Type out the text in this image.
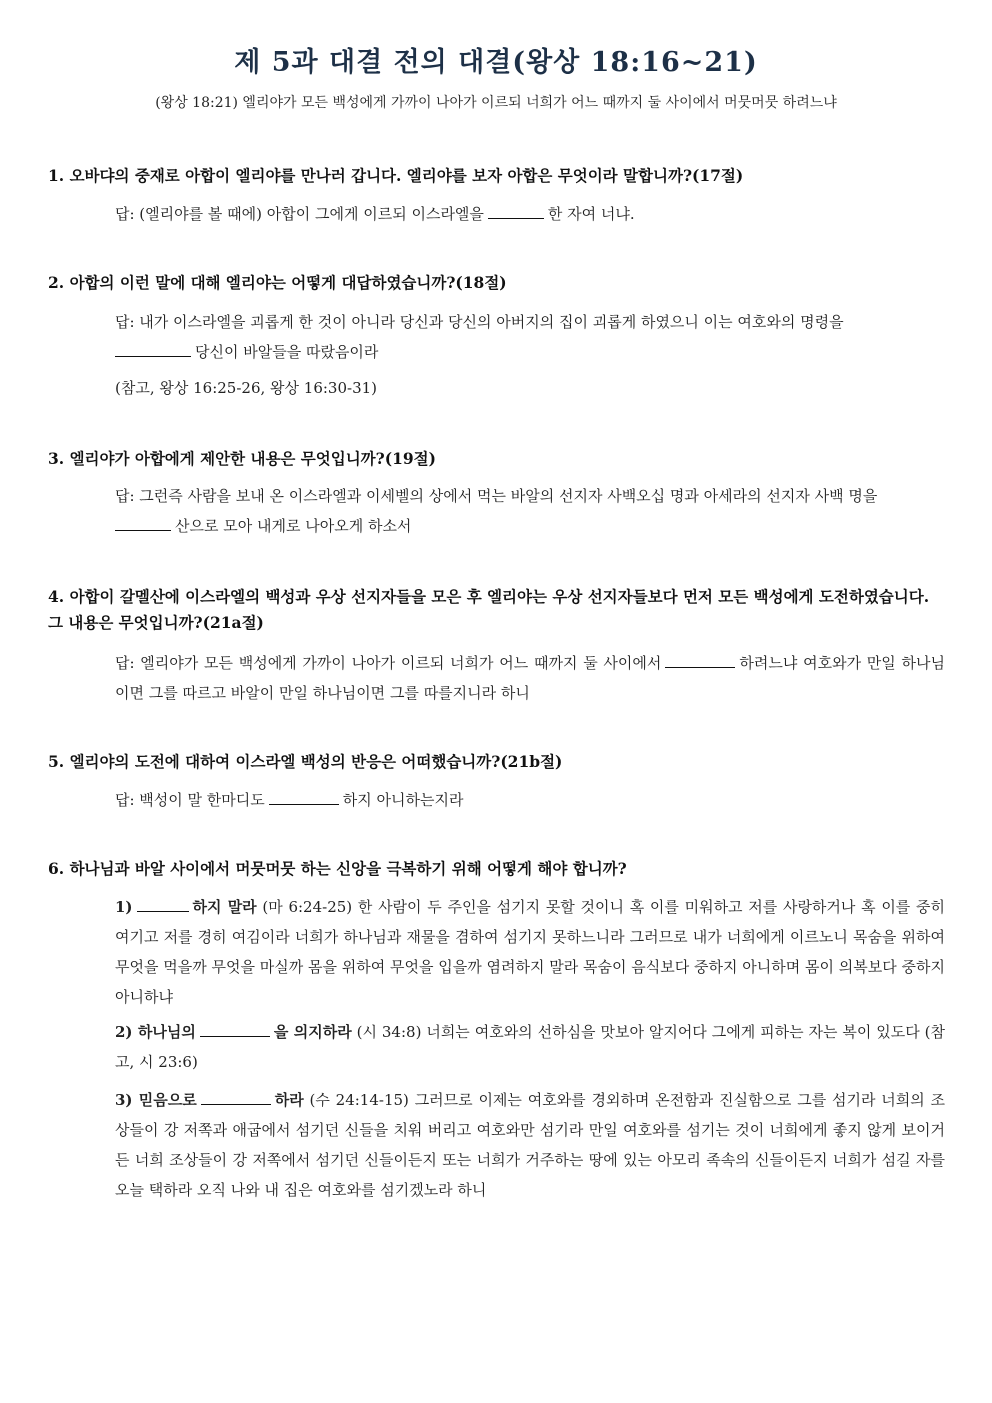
제 5과 대결 전의 대결(왕상 18:16~21)
(왕상 18:21) 엘리야가 모든 백성에게 가까이 나아가 이르되 너희가 어느 때까지 둘 사이에서 머뭇머뭇 하려느냐
1. 오바댜의 중재로 아합이 엘리야를 만나러 갑니다. 엘리야를 보자 아합은 무엇이라 말합니까?(17절)
답: (엘리야를 볼 때에) 아합이 그에게 이르되 이스라엘을	한 자여 너냐.
2. 아합의 이런 말에 대해 엘리야는 어떻게 대답하였습니까?(18절)
답: 내가 이스라엘을 괴롭게 한 것이 아니라 당신과 당신의 아버지의 집이 괴롭게 하였으니 이는 여호와의 명령을
당신이 바알들을 따랐음이라
(참고, 왕상 16:25-26, 왕상 16:30-31)
3. 엘리야가 아합에게 제안한 내용은 무엇입니까?(19절)
답: 그런즉 사람을 보내 온 이스라엘과 이세벨의 상에서 먹는 바알의 선지자 사백오십 명과 아세라의 선지자 사백 명을
산으로 모아 내게로 나아오게 하소서
4. 아합이 갈멜산에 이스라엘의 백성과 우상 선지자들을 모은 후 엘리야는 우상 선지자들보다 먼저 모든 백성에게 도전하였습니다. 그 내용은 무엇입니까?(21a절)
답: 엘리야가 모든 백성에게 가까이 나아가 이르되 너희가 어느 때까지 둘 사이에서	하려느냐 여호와가 만일 하나님이면 그를 따르고 바알이 만일 하나님이면 그를 따를지니라 하니
5. 엘리야의 도전에 대하여 이스라엘 백성의 반응은 어떠했습니까?(21b절)
답: 백성이 말 한마디도	하지 아니하는지라
6. 하나님과 바알 사이에서 머뭇머뭇 하는 신앙을 극복하기 위해 어떻게 해야 합니까?
1)	하지 말라 (마 6:24-25) 한 사람이 두 주인을 섬기지 못할 것이니 혹 이를 미워하고 저를 사랑하거나 혹 이를 중히 여기고 저를 경히 여김이라 너희가 하나님과 재물을 겸하여 섬기지 못하느니라 그러므로 내가 너희에게 이르노니 목숨을 위하여 무엇을 먹을까 무엇을 마실까 몸을 위하여 무엇을 입을까 염려하지 말라 목숨이 음식보다 중하지 아니하며 몸이 의복보다 중하지 아니하냐
2) 하나님의	을 의지하라 (시 34:8) 너희는 여호와의 선하심을 맛보아 알지어다 그에게 피하는 자는 복이 있도다 (참고, 시 23:6)
3) 믿음으로	하라 (수 24:14-15) 그러므로 이제는 여호와를 경외하며 온전함과 진실함으로 그를 섬기라 너희의 조상들이 강 저쪽과 애굽에서 섬기던 신들을 치워 버리고 여호와만 섬기라 만일 여호와를 섬기는 것이 너희에게 좋지 않게 보이거든 너희 조상들이 강 저쪽에서 섬기던 신들이든지 또는 너희가 거주하는 땅에 있는 아모리 족속의 신들이든지 너희가 섬길 자를 오늘 택하라 오직 나와 내 집은 여호와를 섬기겠노라 하니
